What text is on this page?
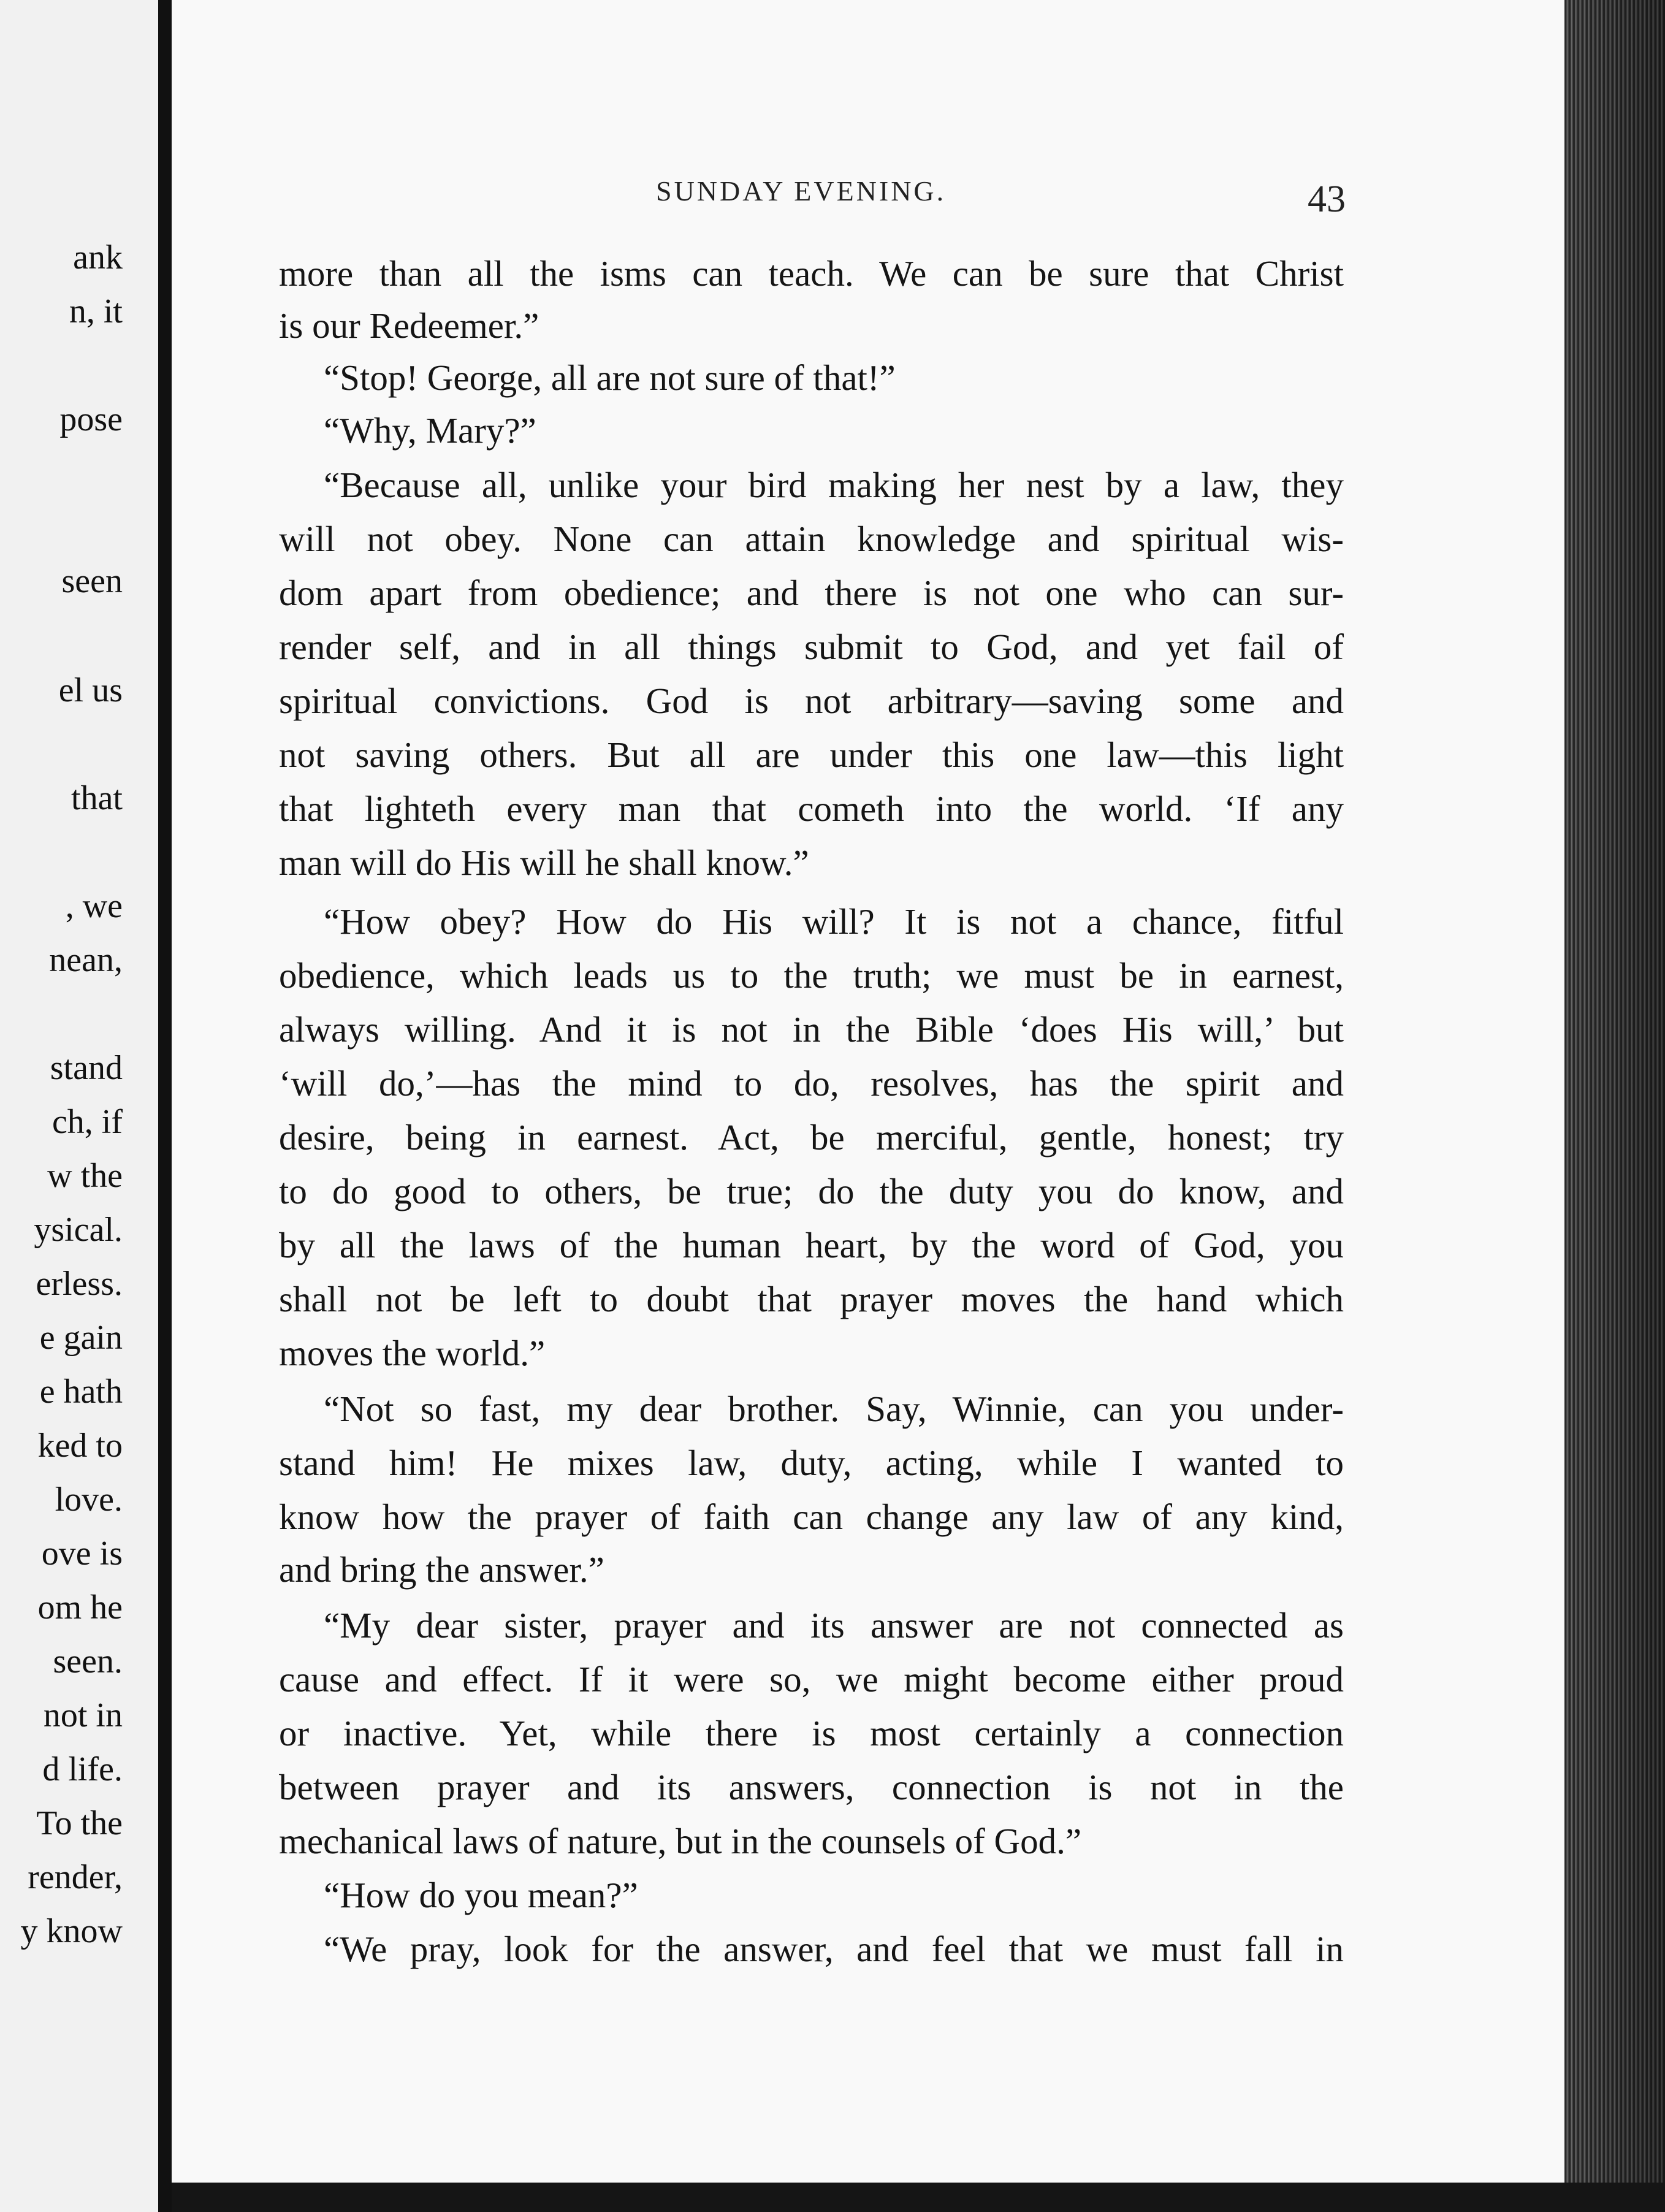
ank
n, it
pose
seen
el us
that
, we
nean,
stand
ch, if
w the
ysical.
erless.
e gain
e hath
ked to
love.
ove is
om he
seen.
not in
d life.
To the
render,
y know
SUNDAY EVENING.	43
more than all the isms can teach. We can be sure that Christ
is our Redeemer.”
“Stop! George, all are not sure of that!”
“Why, Mary?”
“Because all, unlike your bird making her nest by a law, they
will not obey. None can attain knowledge and spiritual wis-
dom apart from obedience; and there is not one who can sur-
render self, and in all things submit to God, and yet fail of
spiritual convictions. God is not arbitrary—saving some and
not saving others. But all are under this one law—this light
that lighteth every man that cometh into the world. ‘If any
man will do His will he shall know.”
“How obey? How do His will? It is not a chance, fitful
obedience, which leads us to the truth; we must be in earnest,
always willing. And it is not in the Bible ‘does His will,’ but
‘will do,’—has the mind to do, resolves, has the spirit and
desire, being in earnest. Act, be merciful, gentle, honest; try
to do good to others, be true; do the duty you do know, and
by all the laws of the human heart, by the word of God, you
shall not be left to doubt that prayer moves the hand which
moves the world.”
“Not so fast, my dear brother. Say, Winnie, can you under-
stand him! He mixes law, duty, acting, while I wanted to
know how the prayer of faith can change any law of any kind,
and bring the answer.”
“My dear sister, prayer and its answer are not connected as
cause and effect. If it were so, we might become either proud
or inactive. Yet, while there is most certainly a connection
between prayer and its answers, connection is not in the
mechanical laws of nature, but in the counsels of God.”
“How do you mean?”
“We pray, look for the answer, and feel that we must fall in
